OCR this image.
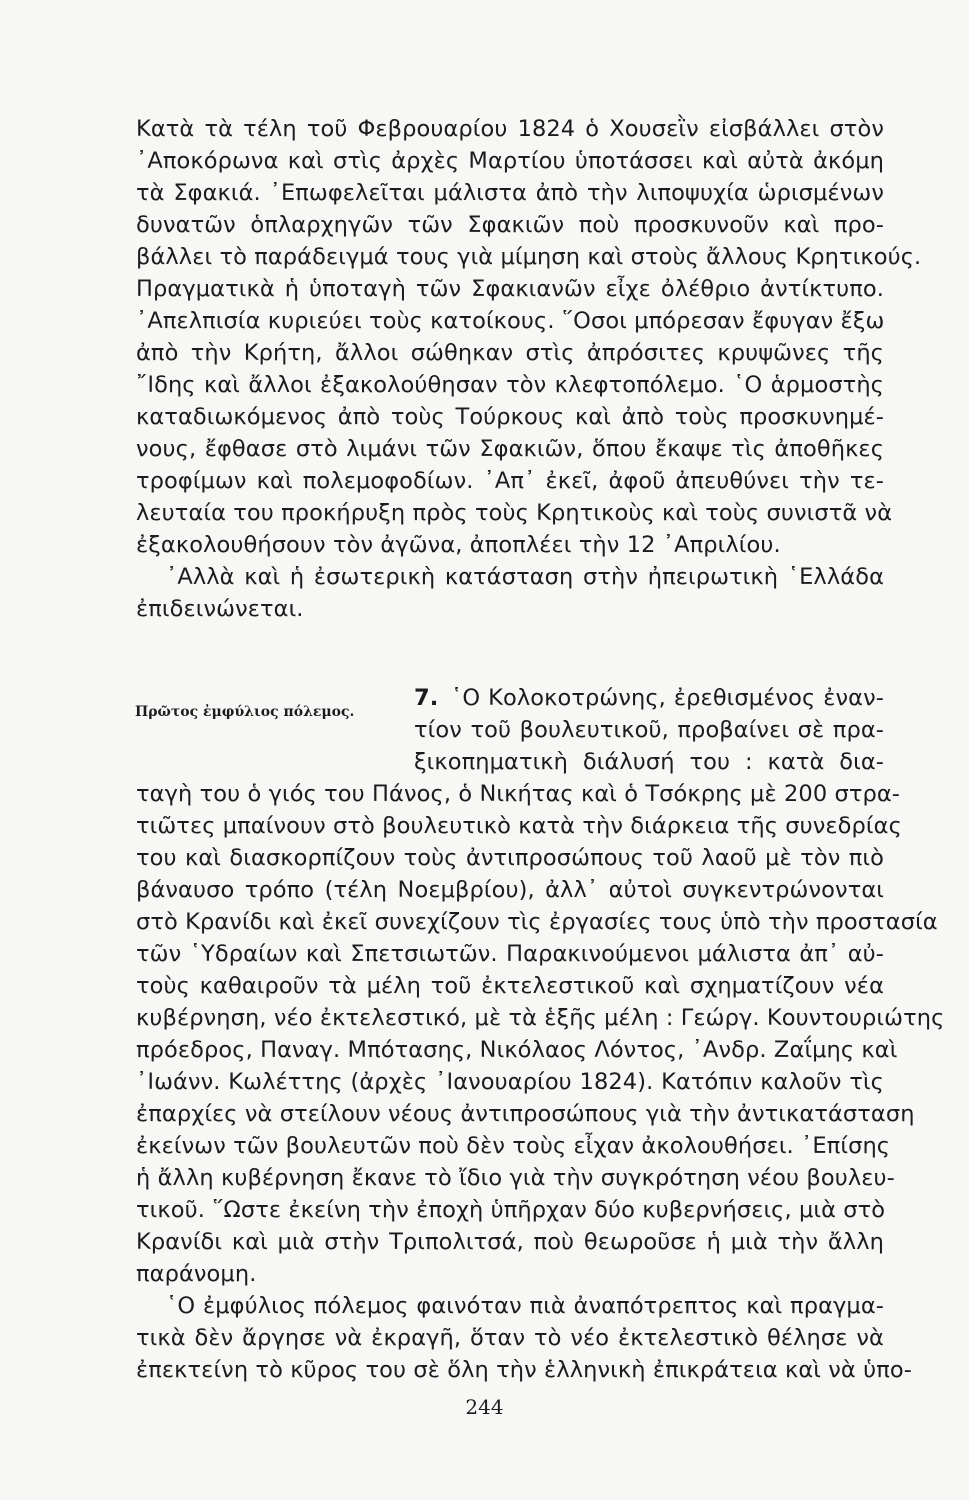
Κατὰ τὰ τέλη τοῦ Φεβρουαρίου 1824 ὁ Χουσεῒν εἰσβάλλει στὸν
᾿Αποκόρωνα καὶ στὶς ἀρχὲς Μαρτίου ὑποτάσσει καὶ αὐτὰ ἀκόμη
τὰ Σφακιά. ᾿Επωφελεῖται μάλιστα ἀπὸ τὴν λιποψυχία ὡρισμένων
δυνατῶν ὁπλαρχηγῶν τῶν Σφακιῶν ποὺ προσκυνοῦν καὶ προ-
βάλλει τὸ παράδειγμά τους γιὰ μίμηση καὶ στοὺς ἄλλους Κρητικούς.
Πραγματικὰ ἡ ὑποταγὴ τῶν Σφακιανῶν εἶχε ὀλέθριο ἀντίκτυπο.
᾿Απελπισία κυριεύει τοὺς κατοίκους. ῞Οσοι μπόρεσαν ἔφυγαν ἔξω
ἀπὸ τὴν Κρήτη, ἄλλοι σώθηκαν στὶς ἀπρόσιτες κρυψῶνες τῆς
῎Ιδης καὶ ἄλλοι ἐξακολούθησαν τὸν κλεφτοπόλεμο. ῾Ο ἁρμοστὴς
καταδιωκόμενος ἀπὸ τοὺς Τούρκους καὶ ἀπὸ τοὺς προσκυνημέ-
νους, ἔφθασε στὸ λιμάνι τῶν Σφακιῶν, ὅπου ἔκαψε τὶς ἀποθῆκες
τροφίμων καὶ πολεμοφοδίων. ᾿Απ᾿ ἐκεῖ, ἀφοῦ ἀπευθύνει τὴν τε-
λευταία του προκήρυξη πρὸς τοὺς Κρητικοὺς καὶ τοὺς συνιστᾶ νὰ
ἐξακολουθήσουν τὸν ἀγῶνα, ἀποπλέει τὴν 12 ᾿Απριλίου.
᾿Αλλὰ καὶ ἡ ἐσωτερικὴ κατάσταση στὴν ἠπειρωτικὴ ῾Ελλάδα
ἐπιδεινώνεται.
Πρῶτος ἐμφύλιος πόλεμος.
7. ῾Ο Κολοκοτρώνης, ἐρεθισμένος ἐναν-
τίον τοῦ βουλευτικοῦ, προβαίνει σὲ πρα-
ξικοπηματικὴ διάλυσή του : κατὰ δια-
ταγὴ του ὁ γιός του Πάνος, ὁ Νικήτας καὶ ὁ Τσόκρης μὲ 200 στρα-
τιῶτες μπαίνουν στὸ βουλευτικὸ κατὰ τὴν διάρκεια τῆς συνεδρίας
του καὶ διασκορπίζουν τοὺς ἀντιπροσώπους τοῦ λαοῦ μὲ τὸν πιὸ
βάναυσο τρόπο (τέλη Νοεμβρίου), ἀλλ᾿ αὐτοὶ συγκεντρώνονται
στὸ Κρανίδι καὶ ἐκεῖ συνεχίζουν τὶς ἐργασίες τους ὑπὸ τὴν προστασία
τῶν ῾Υδραίων καὶ Σπετσιωτῶν. Παρακινούμενοι μάλιστα ἀπ᾿ αὐ-
τοὺς καθαιροῦν τὰ μέλη τοῦ ἐκτελεστικοῦ καὶ σχηματίζουν νέα
κυβέρνηση, νέο ἐκτελεστικό, μὲ τὰ ἑξῆς μέλη : Γεώργ. Κουντουριώτης
πρόεδρος, Παναγ. Μπότασης, Νικόλαος Λόντος, ᾿Ανδρ. Ζαΐμης καὶ
᾿Ιωάνν. Κωλέττης (ἀρχὲς ᾿Ιανουαρίου 1824). Κατόπιν καλοῦν τὶς
ἐπαρχίες νὰ στείλουν νέους ἀντιπροσώπους γιὰ τὴν ἀντικατάσταση
ἐκείνων τῶν βουλευτῶν ποὺ δὲν τοὺς εἶχαν ἀκολουθήσει. ᾿Επίσης
ἡ ἄλλη κυβέρνηση ἔκανε τὸ ἴδιο γιὰ τὴν συγκρότηση νέου βουλευ-
τικοῦ. ῞Ωστε ἐκείνη τὴν ἐποχὴ ὑπῆρχαν δύο κυβερνήσεις, μιὰ στὸ
Κρανίδι καὶ μιὰ στὴν Τριπολιτσά, ποὺ θεωροῦσε ἡ μιὰ τὴν ἄλλη
παράνομη.
῾Ο ἐμφύλιος πόλεμος φαινόταν πιὰ ἀναπότρεπτος καὶ πραγμα-
τικὰ δὲν ἄργησε νὰ ἐκραγῆ, ὅταν τὸ νέο ἐκτελεστικὸ θέλησε νὰ
ἐπεκτείνη τὸ κῦρος του σὲ ὅλη τὴν ἑλληνικὴ ἐπικράτεια καὶ νὰ ὑπο-
244
